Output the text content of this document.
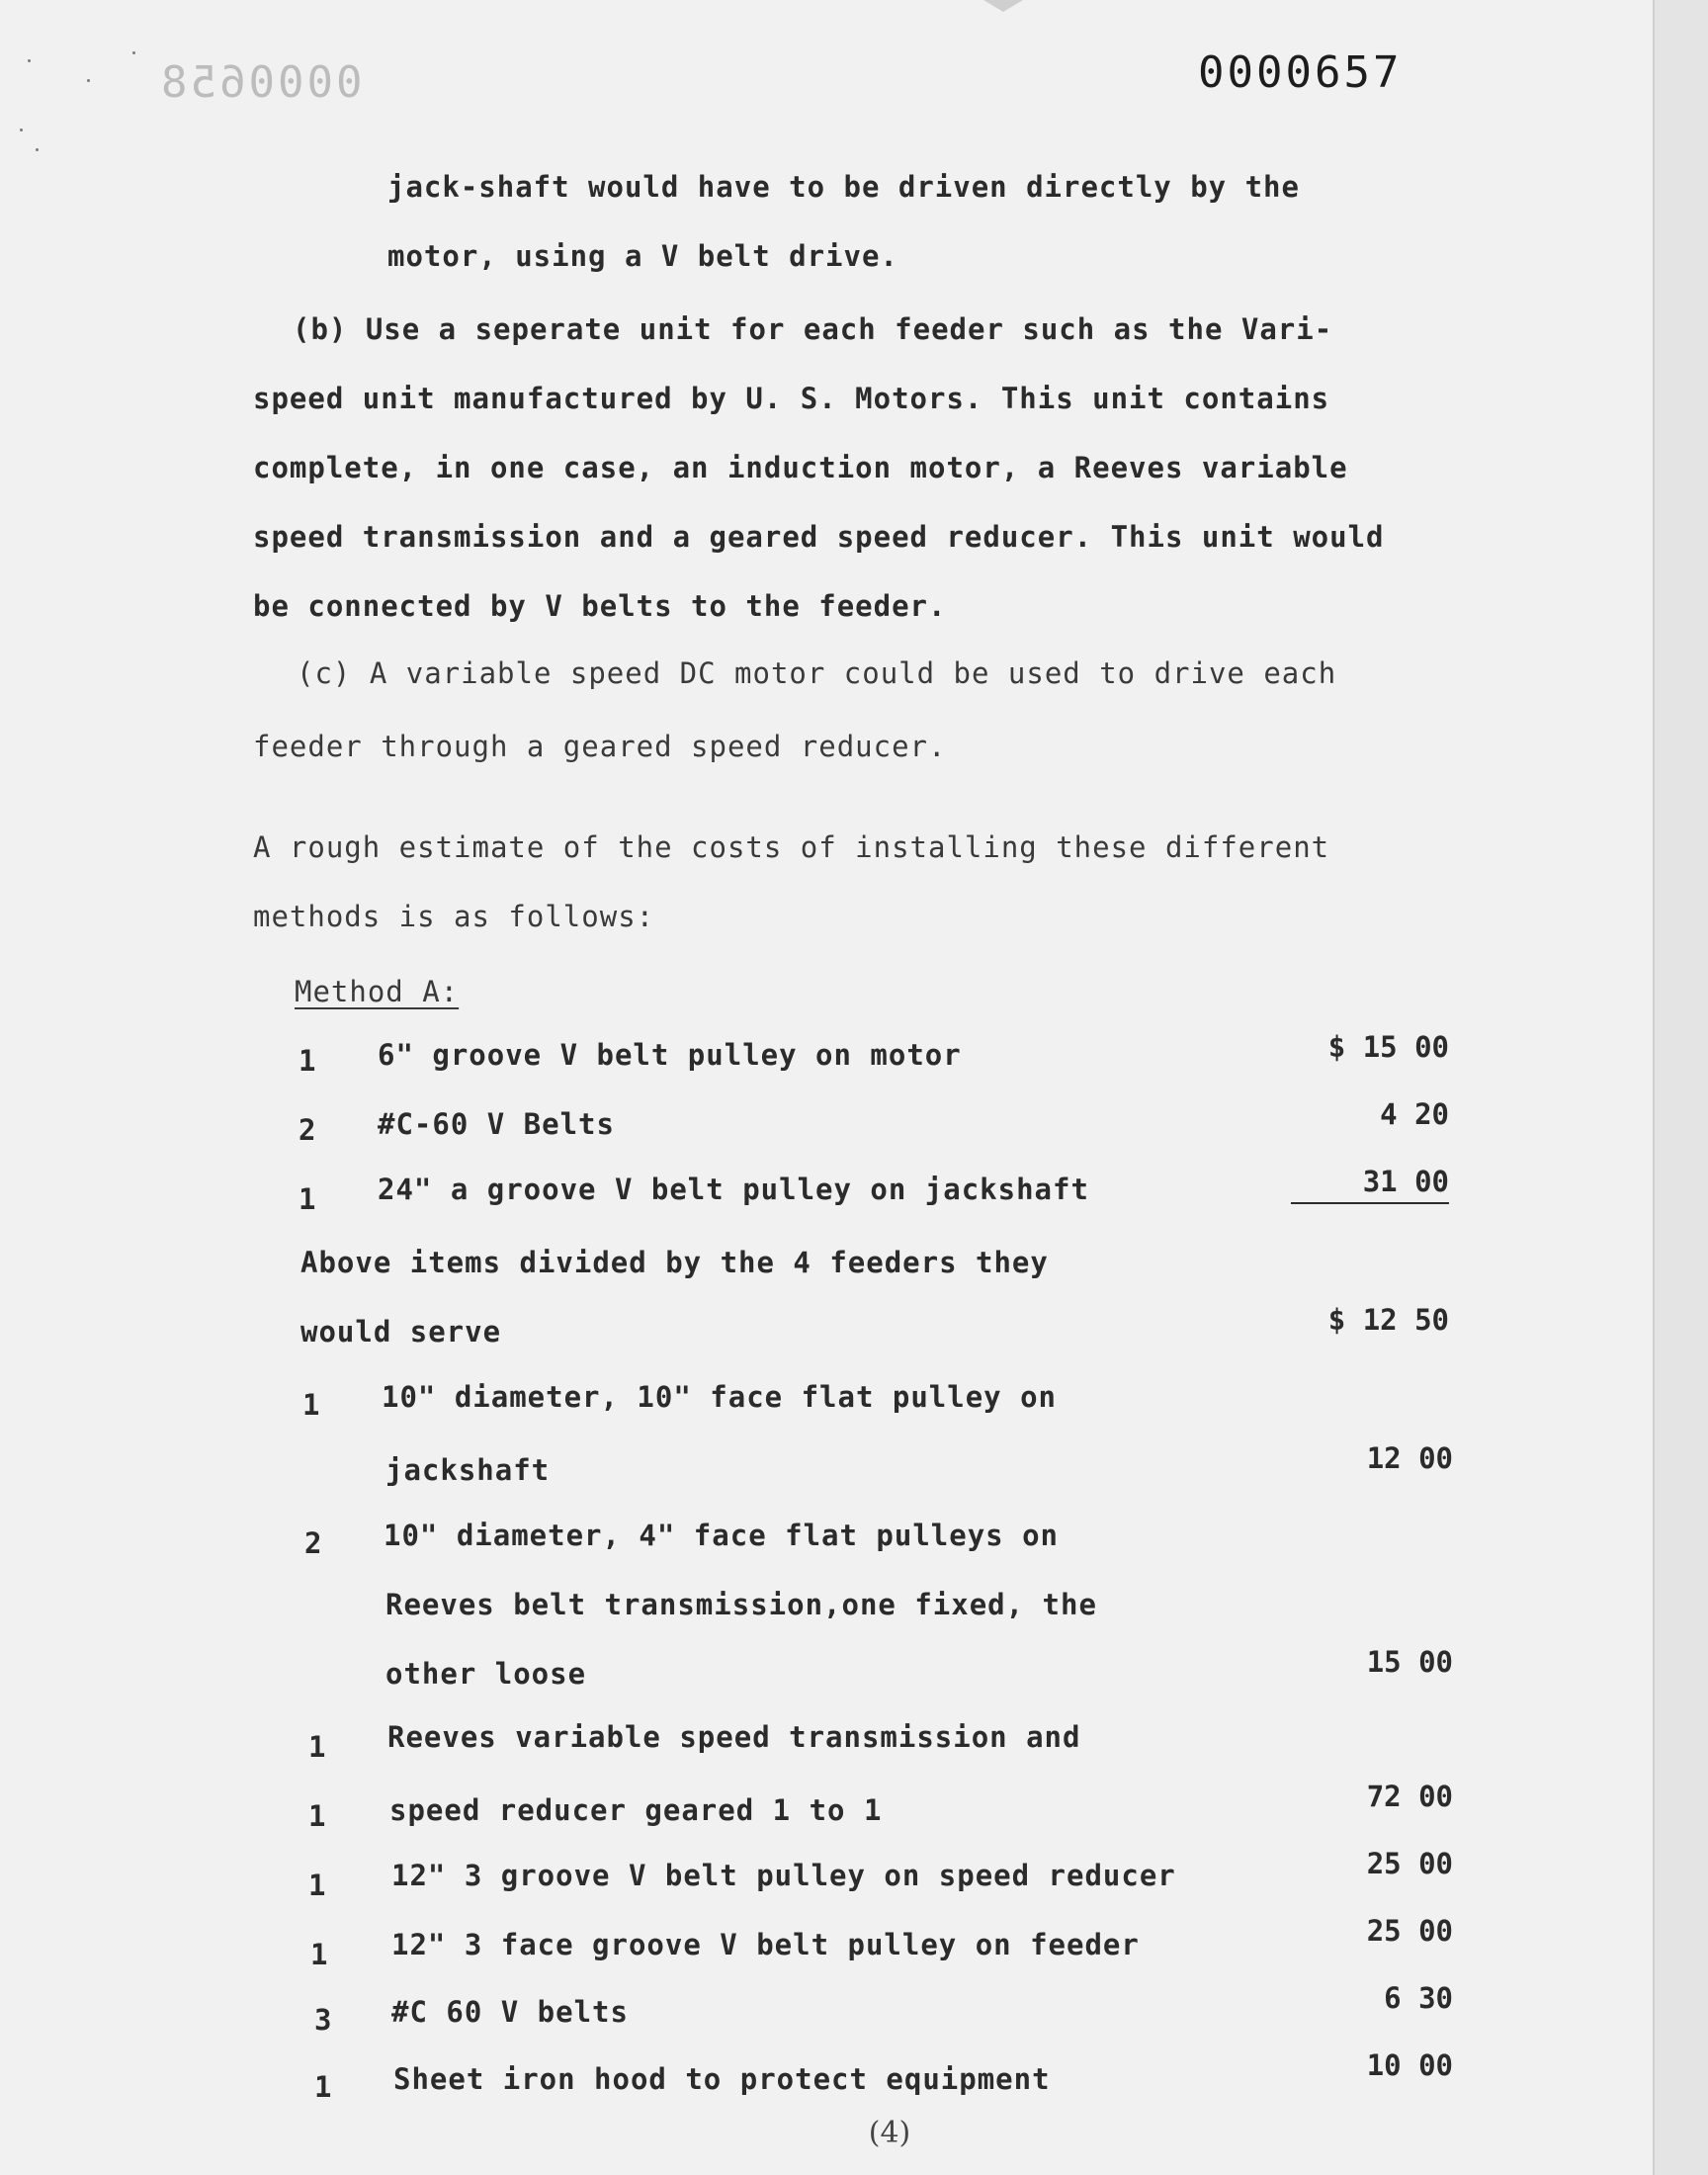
0000658	0000657
jack-shaft would have to be driven directly by the
motor, using a V belt drive.
(b) Use a seperate unit for each feeder such as the Vari-
speed unit manufactured by U. S. Motors. This unit contains
complete, in one case, an induction motor, a Reeves variable
speed transmission and a geared speed reducer. This unit would
be connected by V belts to the feeder.
(c) A variable speed DC motor could be used to drive each
feeder through a geared speed reducer.
A rough estimate of the costs of installing these different
methods is as follows:
Method A:
1 6" groove V belt pulley on motor	$ 15 00
2 #C-60 V Belts	4 20
1 24" a groove V belt pulley on jackshaft	31 00
Above items divided by the 4 feeders they
would serve	$ 12 50
1 10" diameter, 10" face flat pulley on
jackshaft	12 00
2 10" diameter, 4" face flat pulleys on
Reeves belt transmission,one fixed, the
other loose	15 00
1 Reeves variable speed transmission and
1 speed reducer geared 1 to 1	72 00
1 12" 3 groove V belt pulley on speed reducer	25 00
1 12" 3 face groove V belt pulley on feeder	25 00
3 #C 60 V belts	6 30
1 Sheet iron hood to protect equipment	10 00
(4)
